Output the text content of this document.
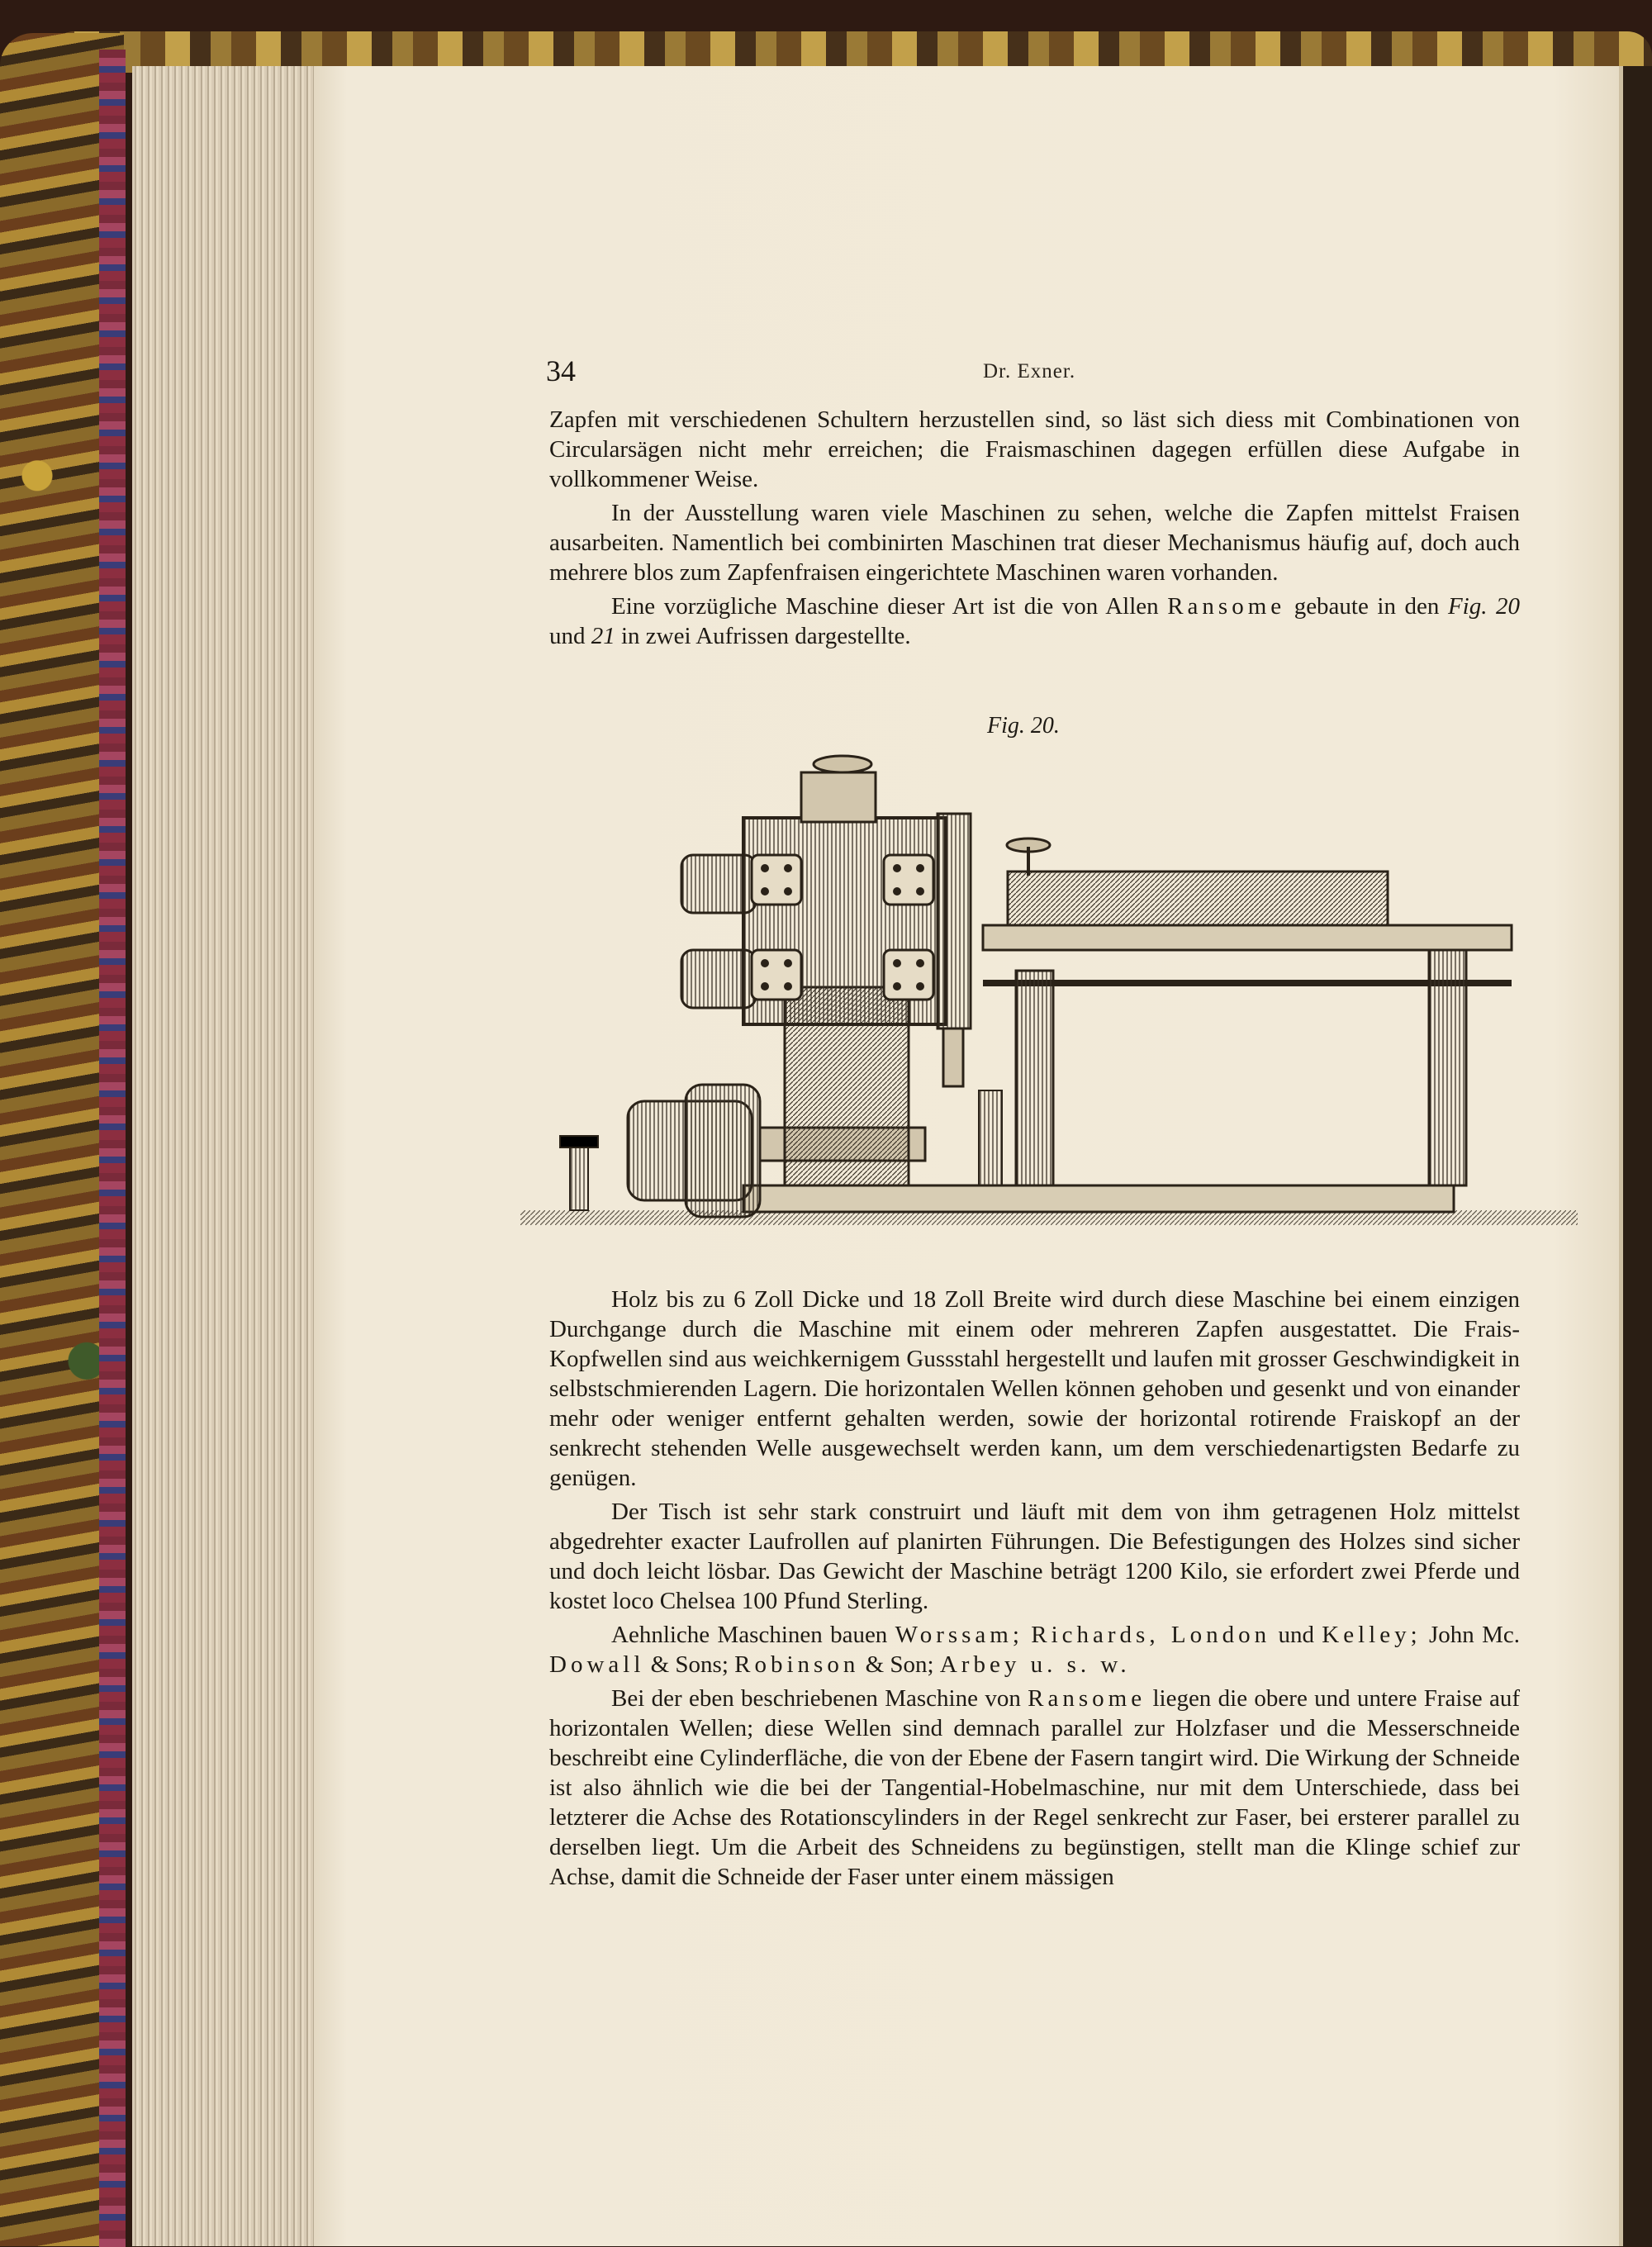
34	Dr. Exner.

Zapfen mit verschiedenen Schultern herzustellen sind, so läst sich diess mit Combinationen von Circularsägen nicht mehr erreichen; die Fraismaschinen dagegen erfüllen diese Aufgabe in vollkommener Weise.

In der Ausstellung waren viele Maschinen zu sehen, welche die Zapfen mittelst Fraisen ausarbeiten. Namentlich bei combinirten Maschinen trat dieser Mechanismus häufig auf, doch auch mehrere blos zum Zapfenfraisen eingerichtete Maschinen waren vorhanden.

Eine vorzügliche Maschine dieser Art ist die von Allen Ransome gebaute in den Fig. 20 und 21 in zwei Aufrissen dargestellte.

Fig. 20.

Holz bis zu 6 Zoll Dicke und 18 Zoll Breite wird durch diese Maschine bei einem einzigen Durchgange durch die Maschine mit einem oder mehreren Zapfen ausgestattet. Die Frais-Kopfwellen sind aus weichkernigem Gussstahl hergestellt und laufen mit grosser Geschwindigkeit in selbstschmierenden Lagern. Die horizontalen Wellen können gehoben und gesenkt und von einander mehr oder weniger entfernt gehalten werden, sowie der horizontal rotirende Fraiskopf an der senkrecht stehenden Welle ausgewechselt werden kann, um dem verschiedenartigsten Bedarfe zu genügen.

Der Tisch ist sehr stark construirt und läuft mit dem von ihm getragenen Holz mittelst abgedrehter exacter Laufrollen auf planirten Führungen. Die Befestigungen des Holzes sind sicher und doch leicht lösbar. Das Gewicht der Maschine beträgt 1200 Kilo, sie erfordert zwei Pferde und kostet loco Chelsea 100 Pfund Sterling.

Aehnliche Maschinen bauen Worssam; Richards, London und Kelley; John Mc. Dowall & Sons; Robinson & Son; Arbey u. s. w.

Bei der eben beschriebenen Maschine von Ransome liegen die obere und untere Fraise auf horizontalen Wellen; diese Wellen sind demnach parallel zur Holzfaser und die Messerschneide beschreibt eine Cylinderfläche, die von der Ebene der Fasern tangirt wird. Die Wirkung der Schneide ist also ähnlich wie die bei der Tangential-Hobelmaschine, nur mit dem Unterschiede, dass bei letzterer die Achse des Rotationscylinders in der Regel senkrecht zur Faser, bei ersterer parallel zu derselben liegt. Um die Arbeit des Schneidens zu begünstigen, stellt man die Klinge schief zur Achse, damit die Schneide der Faser unter einem mässigen
